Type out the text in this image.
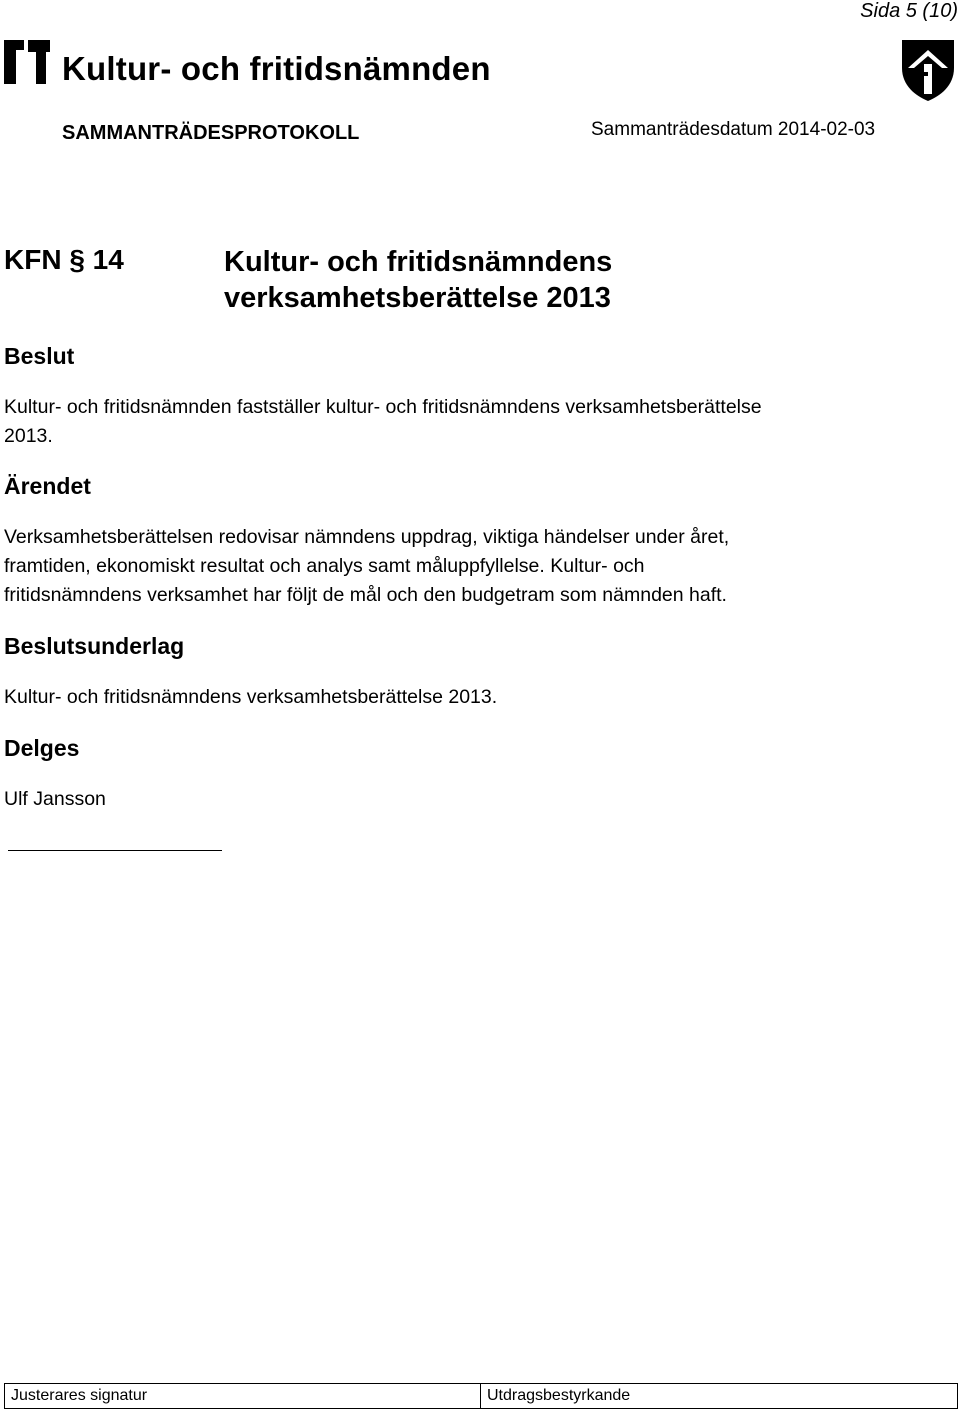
Sida 5 (10)
Kultur- och fritidsnämnden
SAMMANTRÄDESPROTOKOLL	Sammanträdesdatum 2014-02-03
KFN § 14	Kultur- och fritidsnämndens
verksamhetsberättelse 2013
Beslut
Kultur- och fritidsnämnden fastställer kultur- och fritidsnämndens verksamhetsberättelse
2013.
Ärendet
Verksamhetsberättelsen redovisar nämndens uppdrag, viktiga händelser under året,
framtiden, ekonomiskt resultat och analys samt måluppfyllelse. Kultur- och
fritidsnämndens verksamhet har följt de mål och den budgetram som nämnden haft.
Beslutsunderlag
Kultur- och fritidsnämndens verksamhetsberättelse 2013.
Delges
Ulf Jansson
Justerares signatur	Utdragsbestyrkande
